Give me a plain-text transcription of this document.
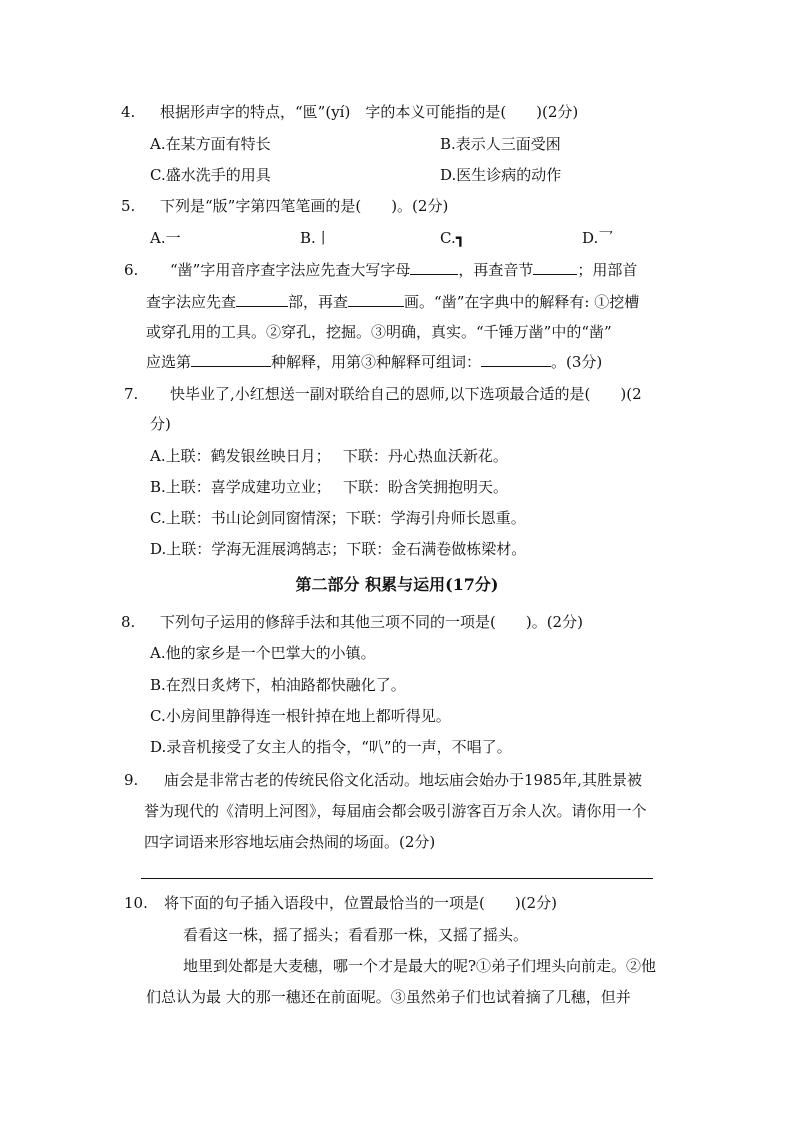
4. 根据形声字的特点，“匜”(yí)　字的本义可能指的是(　　)(2分)
A.在某方面有特长	B.表示人三面受困
C.盛水洗手的用具	D.医生诊病的动作
5. 下列是“版”字第四笔笔画的是(　　)。(2分)
A.一	B.丨	C.┓	D.乛
6. “凿”字用音序查字法应先查大写字母	，再查音节	；用部首
查字法应先查	部，再查	画。“凿”在字典中的解释有: ①挖槽
或穿孔用的工具。②穿孔，挖掘。③明确，真实。“千锤万凿”中的“凿”
应选第	种解释，用第③种解释可组词：	。(3分)
7. 快毕业了,小红想送一副对联给自己的恩师,以下选项最合适的是(　　)(2
分)
A.上联：鹤发银丝映日月；　 下联：丹心热血沃新花。
B.上联：喜学成建功立业；　 下联：盼含笑拥抱明天。
C.上联：书山论剑同窗情深；下联：学海引舟师长恩重。
D.上联：学海无涯展鸿鹄志；下联：金石满卷做栋梁材。
第二部分 积累与运用(17分)
8. 下列句子运用的修辞手法和其他三项不同的一项是(　　)。(2分)
A.他的家乡是一个巴掌大的小镇。
B.在烈日炙烤下，柏油路都快融化了。
C.小房间里静得连一根针掉在地上都听得见。
D.录音机接受了女主人的指令，“叭”的一声，不唱了。
9. 庙会是非常古老的传统民俗文化活动。地坛庙会始办于1985年,其胜景被
誉为现代的《清明上河图》，每届庙会都会吸引游客百万余人次。请你用一个
四字词语来形容地坛庙会热闹的场面。(2分)
10. 将下面的句子插入语段中，位置最恰当的一项是(　　)(2分)
看看这一株，摇了摇头；看看那一株，又摇了摇头。
地里到处都是大麦穗，哪一个才是最大的呢?①弟子们埋头向前走。②他
们总认为最 大的那一穗还在前面呢。③虽然弟子们也试着摘了几穗，但并
